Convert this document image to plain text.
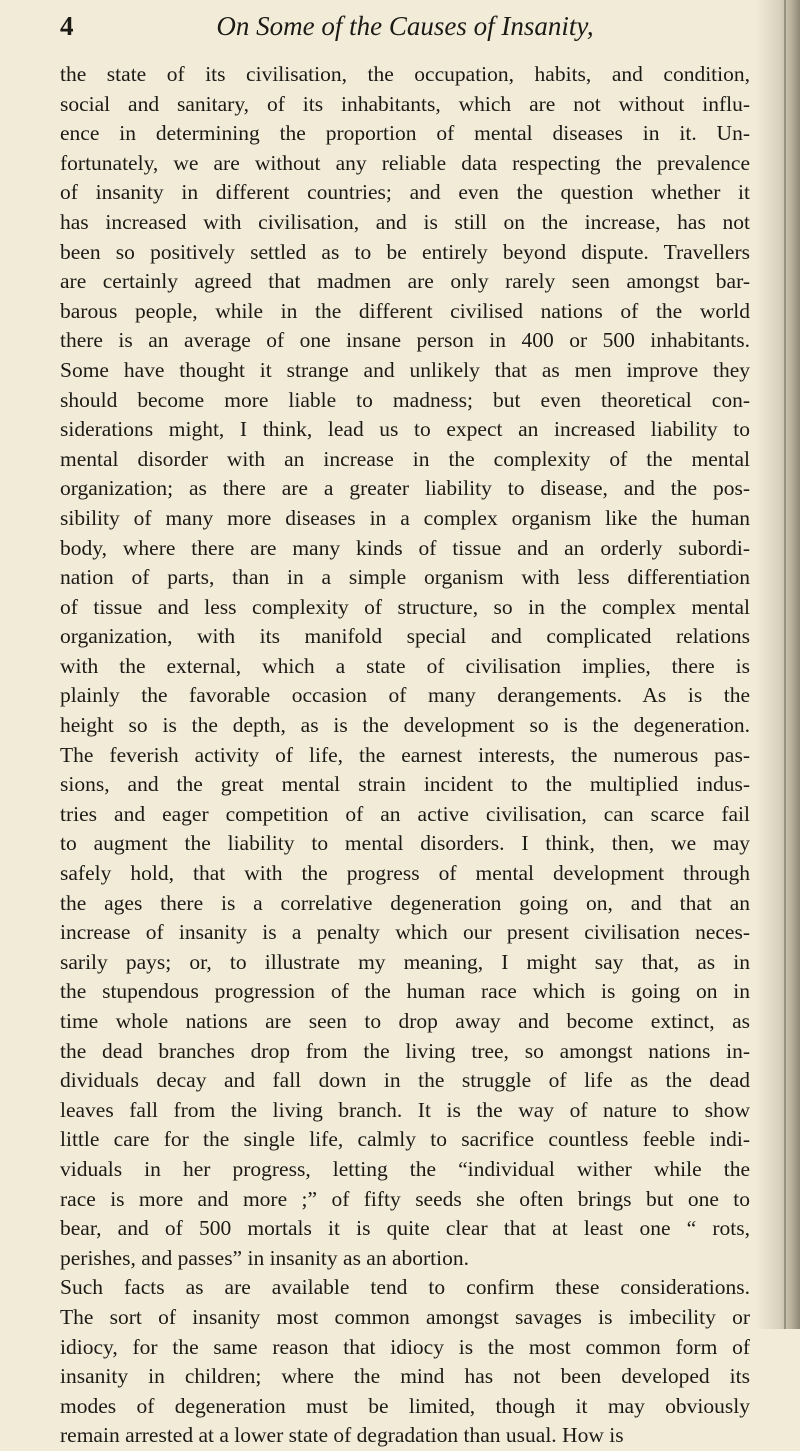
4	On Some of the Causes of Insanity,
the state of its civilisation, the occupation, habits, and condition,
social and sanitary, of its inhabitants, which are not without influ-
ence in determining the proportion of mental diseases in it. Un-
fortunately, we are without any reliable data respecting the prevalence
of insanity in different countries; and even the question whether it
has increased with civilisation, and is still on the increase, has not
been so positively settled as to be entirely beyond dispute. Travellers
are certainly agreed that madmen are only rarely seen amongst bar-
barous people, while in the different civilised nations of the world
there is an average of one insane person in 400 or 500 inhabitants.
Some have thought it strange and unlikely that as men improve they
should become more liable to madness; but even theoretical con-
siderations might, I think, lead us to expect an increased liability to
mental disorder with an increase in the complexity of the mental
organization; as there are a greater liability to disease, and the pos-
sibility of many more diseases in a complex organism like the human
body, where there are many kinds of tissue and an orderly subordi-
nation of parts, than in a simple organism with less differentiation
of tissue and less complexity of structure, so in the complex mental
organization, with its manifold special and complicated relations
with the external, which a state of civilisation implies, there is
plainly the favorable occasion of many derangements. As is the
height so is the depth, as is the development so is the degeneration.
The feverish activity of life, the earnest interests, the numerous pas-
sions, and the great mental strain incident to the multiplied indus-
tries and eager competition of an active civilisation, can scarce fail
to augment the liability to mental disorders. I think, then, we may
safely hold, that with the progress of mental development through
the ages there is a correlative degeneration going on, and that an
increase of insanity is a penalty which our present civilisation neces-
sarily pays; or, to illustrate my meaning, I might say that, as in
the stupendous progression of the human race which is going on in
time whole nations are seen to drop away and become extinct, as
the dead branches drop from the living tree, so amongst nations in-
dividuals decay and fall down in the struggle of life as the dead
leaves fall from the living branch. It is the way of nature to show
little care for the single life, calmly to sacrifice countless feeble indi-
viduals in her progress, letting the “individual wither while the
race is more and more ;” of fifty seeds she often brings but one to
bear, and of 500 mortals it is quite clear that at least one “ rots,
perishes, and passes” in insanity as an abortion.
Such facts as are available tend to confirm these considerations.
The sort of insanity most common amongst savages is imbecility or
idiocy, for the same reason that idiocy is the most common form of
insanity in children; where the mind has not been developed its
modes of degeneration must be limited, though it may obviously
remain arrested at a lower state of degradation than usual. How is
